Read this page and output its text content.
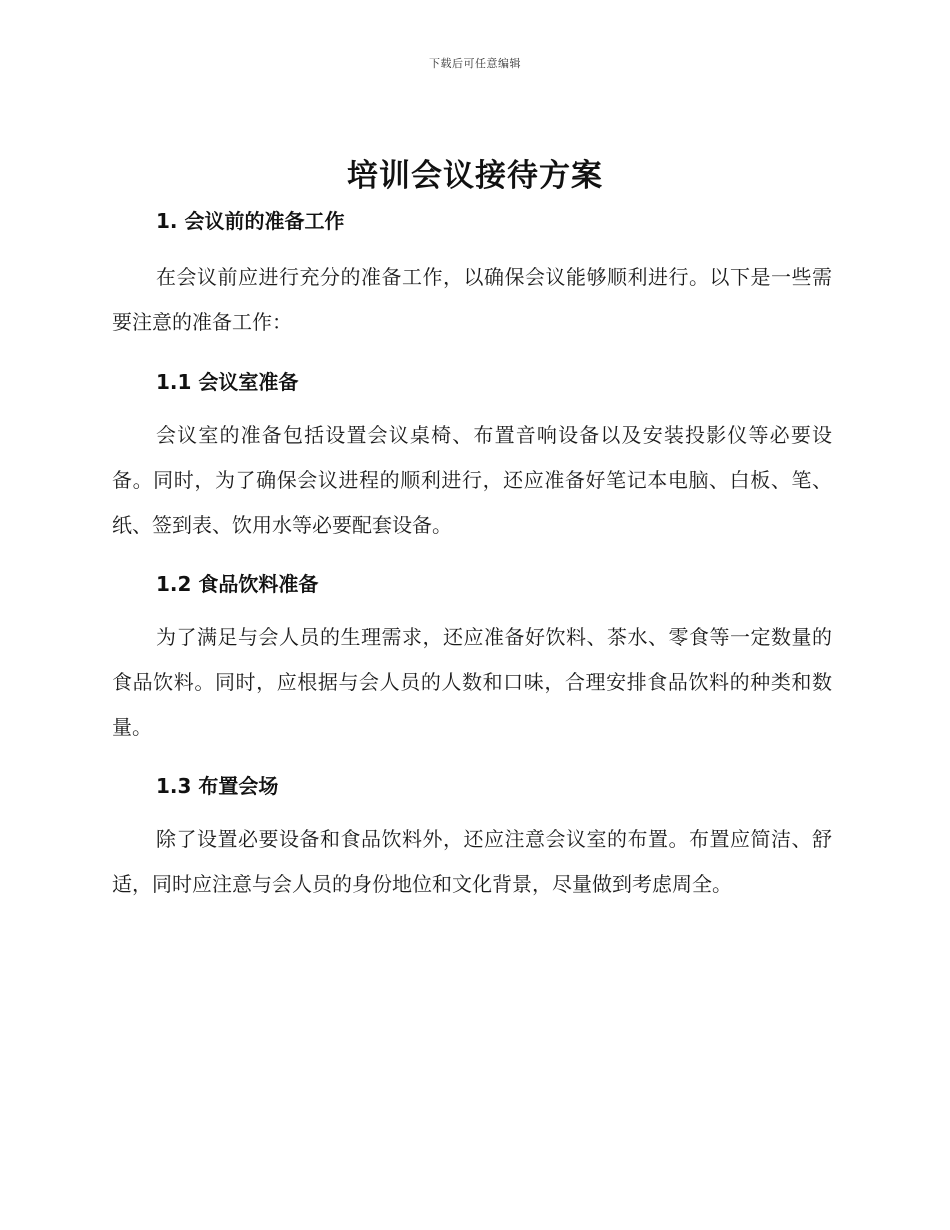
下载后可任意编辑
培训会议接待方案
1. 会议前的准备工作

在会议前应进行充分的准备工作，以确保会议能够顺利进行。以下是一些需要注意的准备工作：

1.1 会议室准备

会议室的准备包括设置会议桌椅、布置音响设备以及安装投影仪等必要设备。同时，为了确保会议进程的顺利进行，还应准备好笔记本电脑、白板、笔、纸、签到表、饮用水等必要配套设备。

1.2 食品饮料准备

为了满足与会人员的生理需求，还应准备好饮料、茶水、零食等一定数量的食品饮料。同时，应根据与会人员的人数和口味，合理安排食品饮料的种类和数量。

1.3 布置会场

除了设置必要设备和食品饮料外，还应注意会议室的布置。布置应简洁、舒适，同时应注意与会人员的身份地位和文化背景，尽量做到考虑周全。
